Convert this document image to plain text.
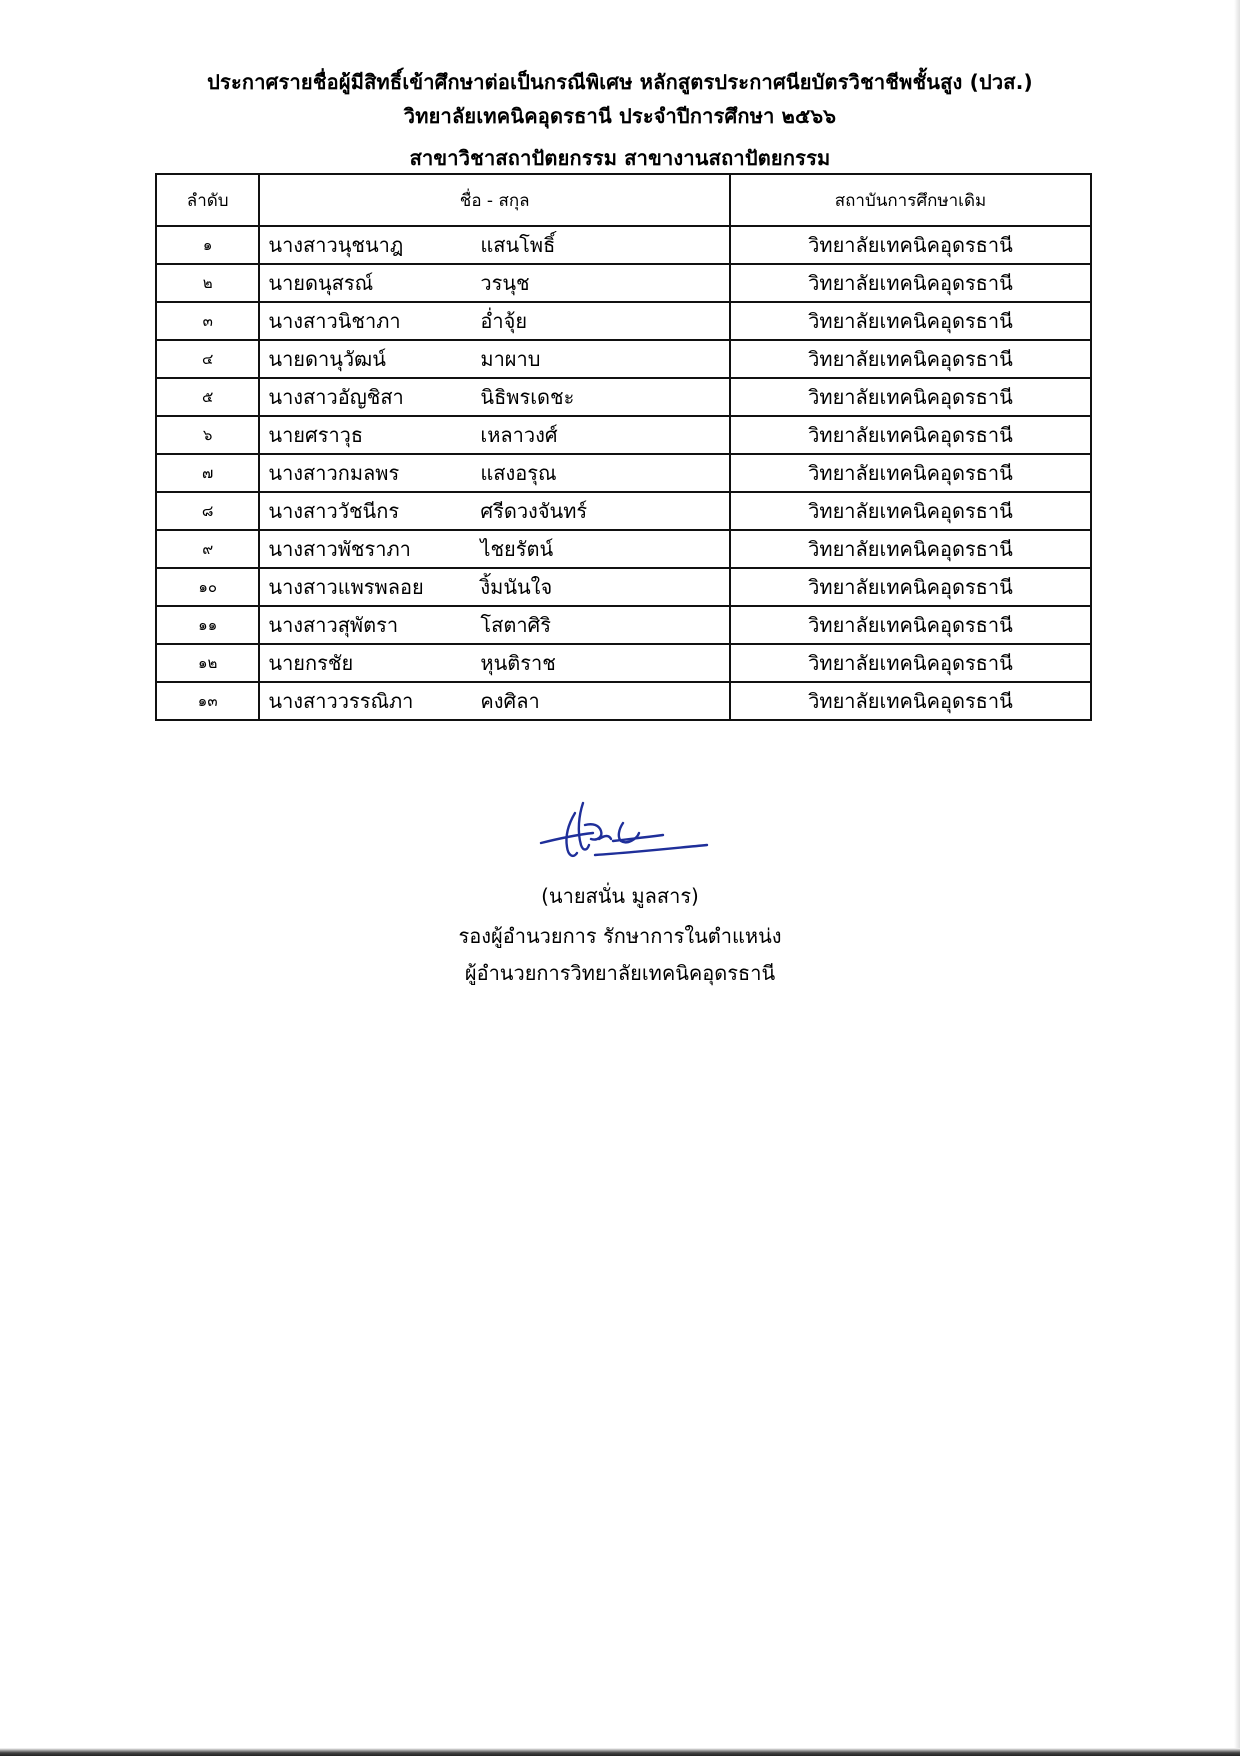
ประกาศรายชื่อผู้มีสิทธิ์เข้าศึกษาต่อเป็นกรณีพิเศษ หลักสูตรประกาศนียบัตรวิชาชีพชั้นสูง (ปวส.)
วิทยาลัยเทคนิคอุดรธานี ประจำปีการศึกษา ๒๕๖๖
สาขาวิชาสถาปัตยกรรม สาขางานสถาปัตยกรรม
ลำดับ	ชื่อ - สกุล	สถาบันการศึกษาเดิม
๑	นางสาวนุชนาฎ แสนโพธิ์	วิทยาลัยเทคนิคอุดรธานี
๒	นายดนุสรณ์ วรนุช	วิทยาลัยเทคนิคอุดรธานี
๓	นางสาวนิชาภา อ่ำจุ้ย	วิทยาลัยเทคนิคอุดรธานี
๔	นายดานุวัฒน์ มาผาบ	วิทยาลัยเทคนิคอุดรธานี
๕	นางสาวอัญชิสา นิธิพรเดชะ	วิทยาลัยเทคนิคอุดรธานี
๖	นายศราวุธ เหลาวงศ์	วิทยาลัยเทคนิคอุดรธานี
๗	นางสาวกมลพร แสงอรุณ	วิทยาลัยเทคนิคอุดรธานี
๘	นางสาววัชนีกร ศรีดวงจันทร์	วิทยาลัยเทคนิคอุดรธานี
๙	นางสาวพัชราภา ไชยรัตน์	วิทยาลัยเทคนิคอุดรธานี
๑๐	นางสาวแพรพลอย งิ้มนันใจ	วิทยาลัยเทคนิคอุดรธานี
๑๑	นางสาวสุพัตรา โสตาศิริ	วิทยาลัยเทคนิคอุดรธานี
๑๒	นายกรชัย หุนติราช	วิทยาลัยเทคนิคอุดรธานี
๑๓	นางสาววรรณิภา คงศิลา	วิทยาลัยเทคนิคอุดรธานี
(นายสนั่น มูลสาร)
รองผู้อำนวยการ รักษาการในตำแหน่ง
ผู้อำนวยการวิทยาลัยเทคนิคอุดรธานี
